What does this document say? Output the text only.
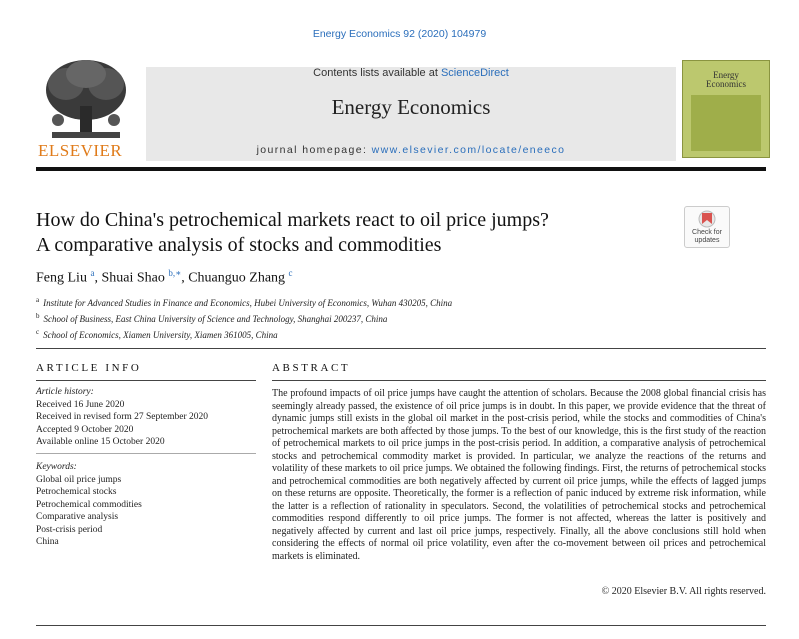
Energy Economics 92 (2020) 104979
ELSEVIER
Contents lists available at ScienceDirect
Energy Economics
journal homepage: www.elsevier.com/locate/eneeco
Energy
Economics
How do China's petrochemical markets react to oil price jumps?
A comparative analysis of stocks and commodities
Check for
updates
Feng Liu $^a$, Shuai Shao $^{b,∗}$, Chuanguo Zhang $^c$
$^a$ Institute for Advanced Studies in Finance and Economics, Hubei University of Economics, Wuhan 430205, China
$^b$ School of Business, East China University of Science and Technology, Shanghai 200237, China
$^c$ School of Economics, Xiamen University, Xiamen 361005, China
ARTICLE INFO	ABSTRACT
Article history:
Received 16 June 2020
Received in revised form 27 September 2020
Accepted 9 October 2020
Available online 15 October 2020
Keywords:
Global oil price jumps
Petrochemical stocks
Petrochemical commodities
Comparative analysis
Post-crisis period
China
The profound impacts of oil price jumps have caught the attention of scholars. Because the 2008 global financial crisis has seemingly already passed, the existence of oil price jumps is in doubt. In this paper, we provide evidence that the threat of dynamic jumps still exists in the global oil market in the post-crisis period, while the stocks and commodities of China's petrochemical markets are both affected by those jumps. To the best of our knowledge, this is the first study of the reaction of petrochemical markets to oil price jumps in the post-crisis period. In addition, a comparative analysis of petrochemical stocks and petrochemical commodity market is provided. In particular, we analyze the reactions of the returns and volatility of these markets to oil price jumps. We obtained the following findings. First, the returns of petrochemical stocks and petrochemical commodities are both negatively affected by current oil price jumps, while the effects of lagged jumps on these returns are opposite. Theoretically, the former is a reflection of panic induced by extreme risk information, while the latter is a reflection of rationality in speculators. Second, the volatilities of petrochemical stocks and petrochemical commodities respond differently to oil price jumps. The former is not affected, whereas the latter is positively and negatively affected by current and last oil price jumps, respectively. Finally, all the above conclusions still hold when considering the effects of normal oil price volatility, even after the co-movement between oil prices and petrochemical markets is eliminated.
© 2020 Elsevier B.V. All rights reserved.
